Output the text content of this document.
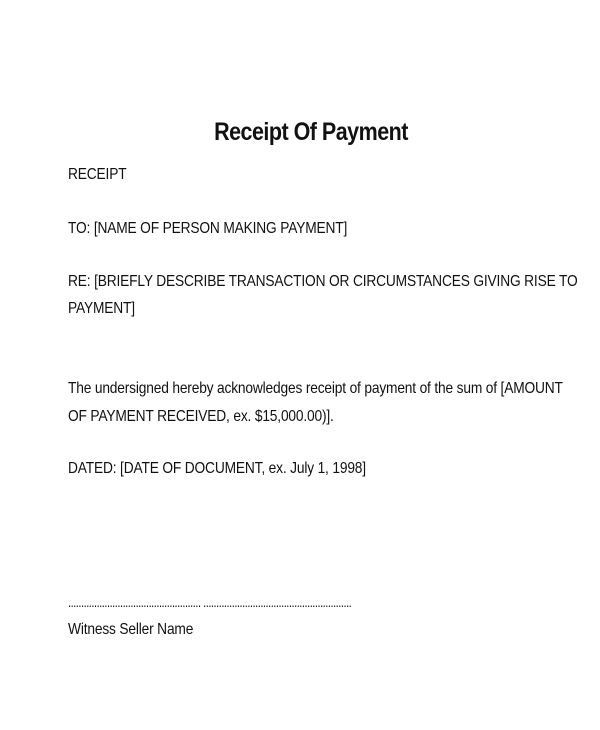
Receipt Of Payment
RECEIPT
TO: [NAME OF PERSON MAKING PAYMENT]
RE: [BRIEFLY DESCRIBE TRANSACTION OR CIRCUMSTANCES GIVING RISE TO
PAYMENT]
The undersigned hereby acknowledges receipt of payment of the sum of [AMOUNT
OF PAYMENT RECEIVED, ex. $15,000.00)].
DATED: [DATE OF DOCUMENT, ex. July 1, 1998]
................................................... .........................................................
Witness Seller Name
